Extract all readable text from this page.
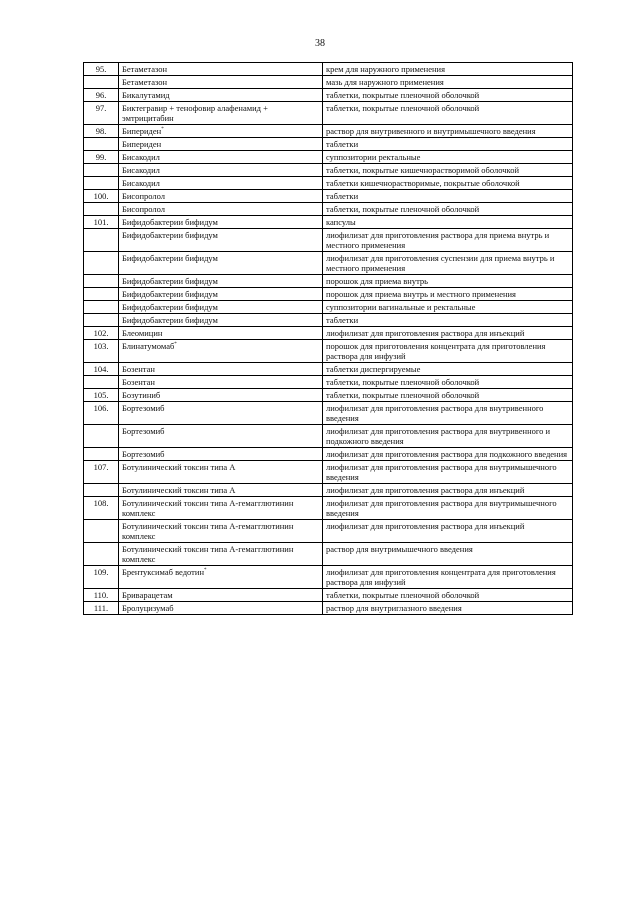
38
95.	Бетаметазон	крем для наружного применения
	Бетаметазон	мазь для наружного применения
96.	Бикалутамид	таблетки, покрытые пленочной оболочкой
97.	Биктегравир + тенофовир алафенамид + эмтрицитабин	таблетки, покрытые пленочной оболочкой
98.	Бипериден*	раствор для внутривенного и внутримышечного введения
	Бипериден	таблетки
99.	Бисакодил	суппозитории ректальные
	Бисакодил	таблетки, покрытые кишечнорастворимой оболочкой
	Бисакодил	таблетки кишечнорастворимые, покрытые оболочкой
100.	Бисопролол	таблетки
	Бисопролол	таблетки, покрытые пленочной оболочкой
101.	Бифидобактерии бифидум	капсулы
	Бифидобактерии бифидум	лиофилизат для приготовления раствора для приема внутрь и местного применения
	Бифидобактерии бифидум	лиофилизат для приготовления суспензии для приема внутрь и местного применения
	Бифидобактерии бифидум	порошок для приема внутрь
	Бифидобактерии бифидум	порошок для приема внутрь и местного применения
	Бифидобактерии бифидум	суппозитории вагинальные и ректальные
	Бифидобактерии бифидум	таблетки
102.	Блеомицин	лиофилизат для приготовления раствора для инъекций
103.	Блинатумомаб*	порошок для приготовления концентрата для приготовления раствора для инфузий
104.	Бозентан	таблетки диспергируемые
	Бозентан	таблетки, покрытые пленочной оболочкой
105.	Бозутиниб	таблетки, покрытые пленочной оболочкой
106.	Бортезомиб	лиофилизат для приготовления раствора для внутривенного введения
	Бортезомиб	лиофилизат для приготовления раствора для внутривенного и подкожного введения
	Бортезомиб	лиофилизат для приготовления раствора для подкожного введения
107.	Ботулинический токсин типа А	лиофилизат для приготовления раствора для внутримышечного введения
	Ботулинический токсин типа А	лиофилизат для приготовления раствора для инъекций
108.	Ботулинический токсин типа А-гемагглютинин комплекс	лиофилизат для приготовления раствора для внутримышечного введения
	Ботулинический токсин типа А-гемагглютинин комплекс	лиофилизат для приготовления раствора для инъекций
	Ботулинический токсин типа А-гемагглютинин комплекс	раствор для внутримышечного введения
109.	Брентуксимаб ведотин*	лиофилизат для приготовления концентрата для приготовления раствора для инфузий
110.	Бриварацетам	таблетки, покрытые пленочной оболочкой
111.	Бролуцизумаб	раствор для внутриглазного введения
